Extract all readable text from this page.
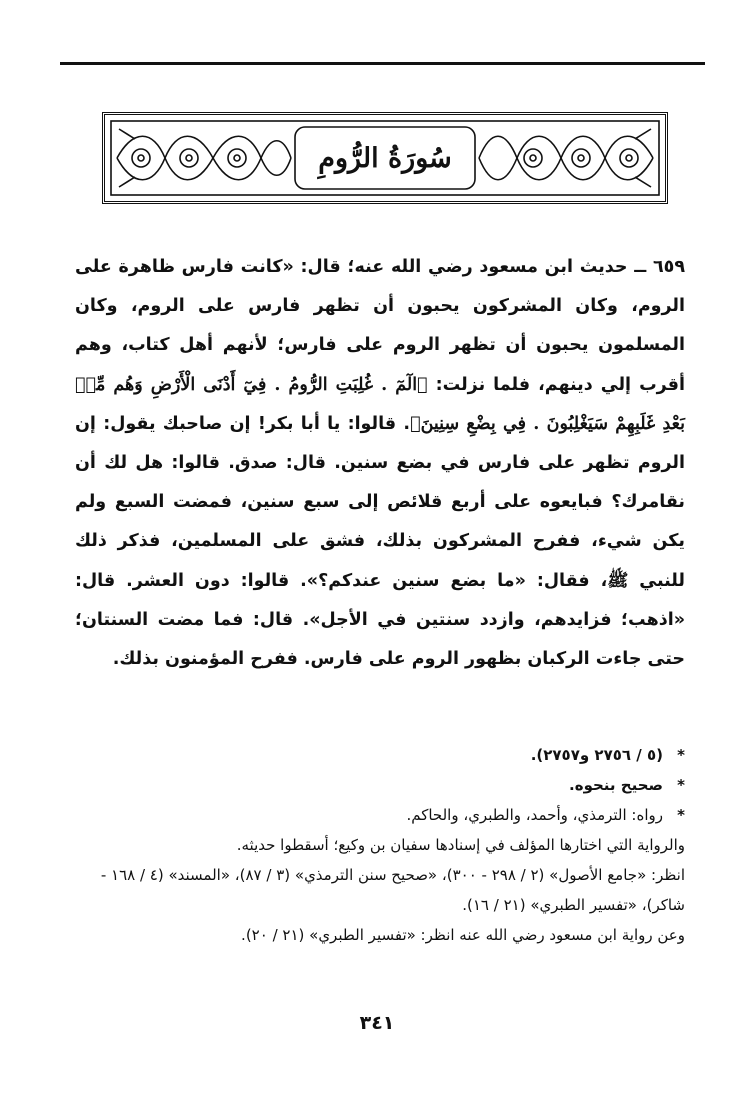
سُورَةُ الرُّومِ

٦٥٩ ــ حديث ابن مسعود رضي الله عنه؛ قال: «كانت فارس ظاهرة على الروم، وكان المشركون يحبون أن تظهر فارس على الروم، وكان المسلمون يحبون أن تظهر الروم على فارس؛ لأنهم أهل كتاب، وهم أقرب إلي دينهم، فلما نزلت: ﴿الٓمٓ . غُلِبَتِ الرُّومُ . فِيٓ أَدْنَى الْأَرْضِ وَهُم مِّنۢ بَعْدِ غَلَبِهِمْ سَيَغْلِبُونَ . فِي بِضْعِ سِنِينَ﴾. قالوا: يا أبا بكر! إن صاحبك يقول: إن الروم تظهر على فارس في بضع سنين. قال: صدق. قالوا: هل لك أن نقامرك؟ فبايعوه على أربع قلائص إلى سبع سنين، فمضت السبع ولم يكن شيء، ففرح المشركون بذلك، فشق على المسلمين، فذكر ذلك للنبي ﷺ، فقال: «ما بضع سنين عندكم؟». قالوا: دون العشر. قال: «اذهب؛ فزايدهم، وازدد سنتين في الأجل». قال: فما مضت السنتان؛ حتى جاءت الركبان بظهور الروم على فارس. ففرح المؤمنون بذلك.

*
(٥ / ٢٧٥٦ و٢٧٥٧).

*
صحيح بنحوه.

*
رواه: الترمذي، وأحمد، والطبري، والحاكم.

والرواية التي اختارها المؤلف في إسنادها سفيان بن وكيع؛ أسقطوا حديثه.

انظر: «جامع الأصول» (٢ / ٢٩٨ - ٣٠٠)، «صحيح سنن الترمذي» (٣ / ٨٧)، «المسند» (٤ / ١٦٨ - شاكر)، «تفسير الطبري» (٢١ / ١٦).

وعن رواية ابن مسعود رضي الله عنه انظر: «تفسير الطبري» (٢١ / ٢٠).

٣٤١
